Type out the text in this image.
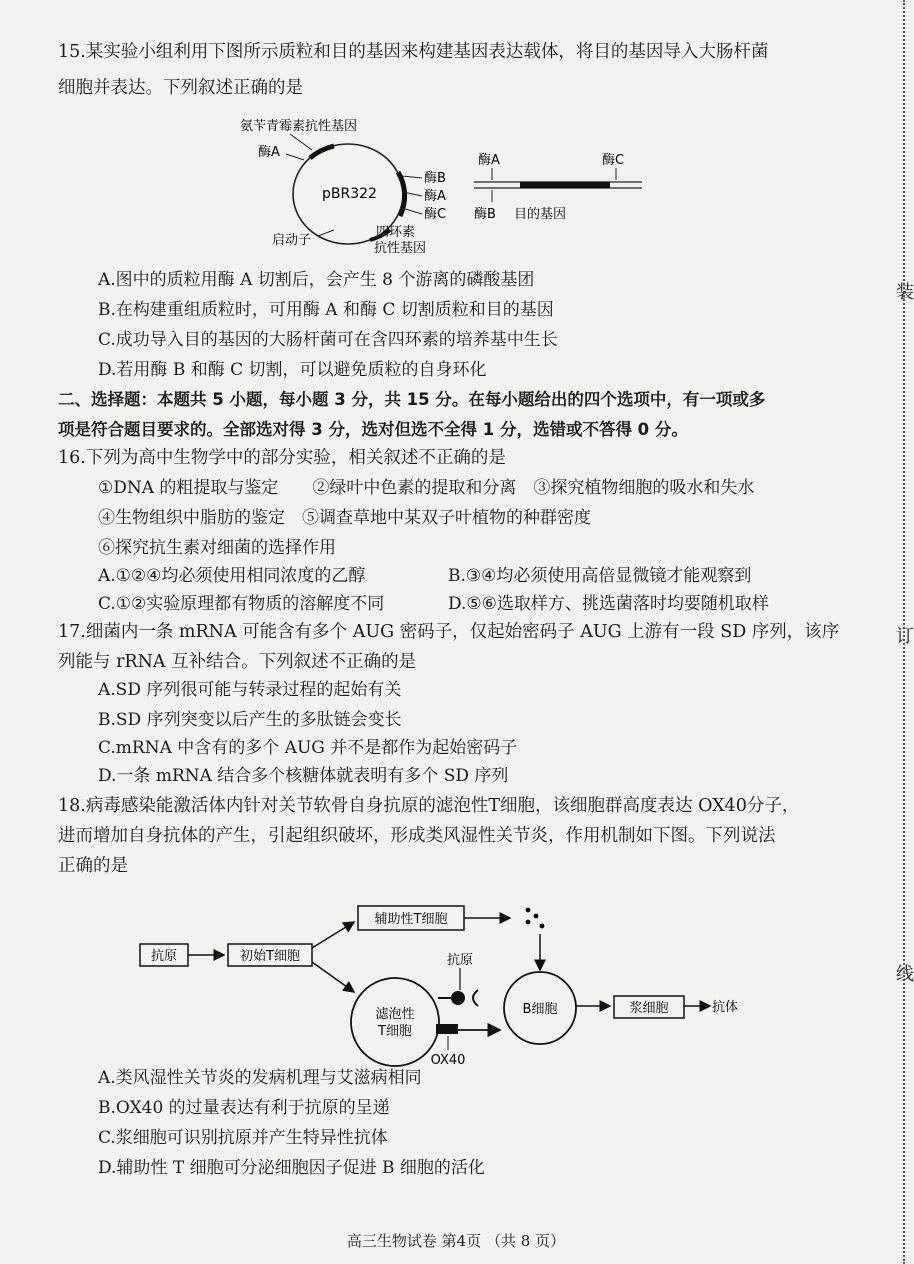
15.某实验小组利用下图所示质粒和目的基因来构建基因表达载体，将目的基因导入大肠杆菌
细胞并表达。下列叙述正确的是
氨苄青霉素抗性基因
酶A
pBR322
酶B
酶A
酶C
启动子
四环素
抗性基因
酶A	酶C
酶B 目的基因
A.图中的质粒用酶 A 切割后，会产生 8 个游离的磷酸基团
B.在构建重组质粒时，可用酶 A 和酶 C 切割质粒和目的基因
C.成功导入目的基因的大肠杆菌可在含四环素的培养基中生长
D.若用酶 B 和酶 C 切割，可以避免质粒的自身环化
二、选择题：本题共 5 小题，每小题 3 分，共 15 分。在每小题给出的四个选项中，有一项或多
项是符合题目要求的。全部选对得 3 分，选对但选不全得 1 分，选错或不答得 0 分。
16.下列为高中生物学中的部分实验，相关叙述不正确的是
①DNA 的粗提取与鉴定　　②绿叶中色素的提取和分离　③探究植物细胞的吸水和失水
④生物组织中脂肪的鉴定　⑤调查草地中某双子叶植物的种群密度
⑥探究抗生素对细菌的选择作用
A.①②④均必须使用相同浓度的乙醇	B.③④均必须使用高倍显微镜才能观察到
C.①②实验原理都有物质的溶解度不同	D.⑤⑥选取样方、挑选菌落时均要随机取样
17.细菌内一条 mRNA 可能含有多个 AUG 密码子，仅起始密码子 AUG 上游有一段 SD 序列，该序
列能与 rRNA 互补结合。下列叙述不正确的是
A.SD 序列很可能与转录过程的起始有关
B.SD 序列突变以后产生的多肽链会变长
C.mRNA 中含有的多个 AUG 并不是都作为起始密码子
D.一条 mRNA 结合多个核糖体就表明有多个 SD 序列
18.病毒感染能激活体内针对关节软骨自身抗原的滤泡性T细胞，该细胞群高度表达 OX40分子，
进而增加自身抗体的产生，引起组织破坏，形成类风湿性关节炎，作用机制如下图。下列说法
正确的是
辅助性T细胞
抗原	初始T细胞
滤泡性
T细胞
抗原
OX40
B细胞	浆细胞	抗体
A.类风湿性关节炎的发病机理与艾滋病相同
B.OX40 的过量表达有利于抗原的呈递
C.浆细胞可识别抗原并产生特异性抗体
D.辅助性 T 细胞可分泌细胞因子促进 B 细胞的活化
高三生物试卷 第4页 （共 8 页）
装
订
线
